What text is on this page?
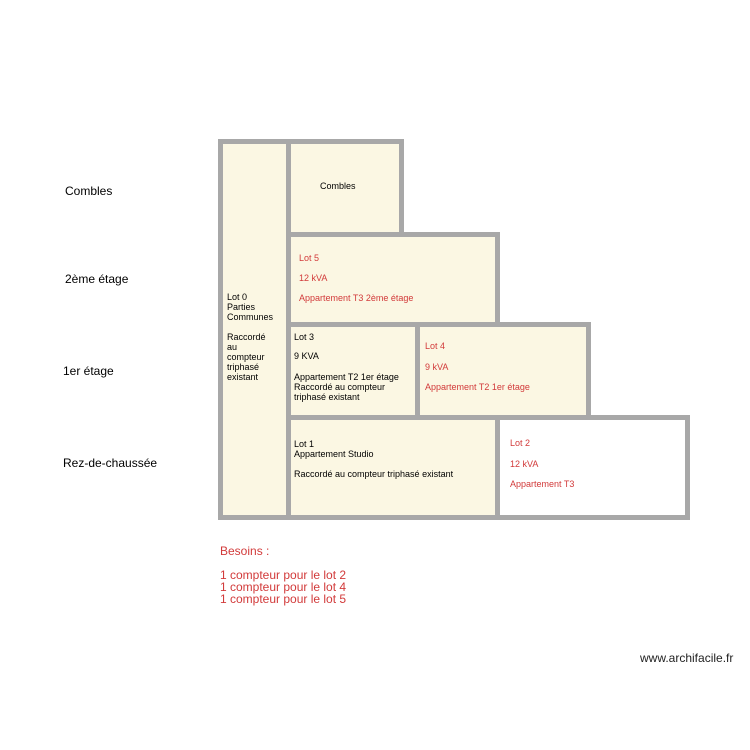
Combles
2ème étage
1er étage
Rez-de-chaussée
Combles
Lot 0
Parties
Communes
Raccordé
au
compteur
triphasé
existant
Lot 5
12 kVA
Appartement T3 2ème étage
Lot 3
9 KVA
Appartement T2 1er étage
Raccordé au compteur
triphasé existant
Lot 4
9 kVA
Appartement T2 1er étage
Lot 1
Appartement Studio
Raccordé au compteur triphasé existant
Lot 2
12 kVA
Appartement T3
Besoins :
1 compteur pour le lot 2
1 compteur pour le lot 4
1 compteur pour le lot 5
www.archifacile.fr
